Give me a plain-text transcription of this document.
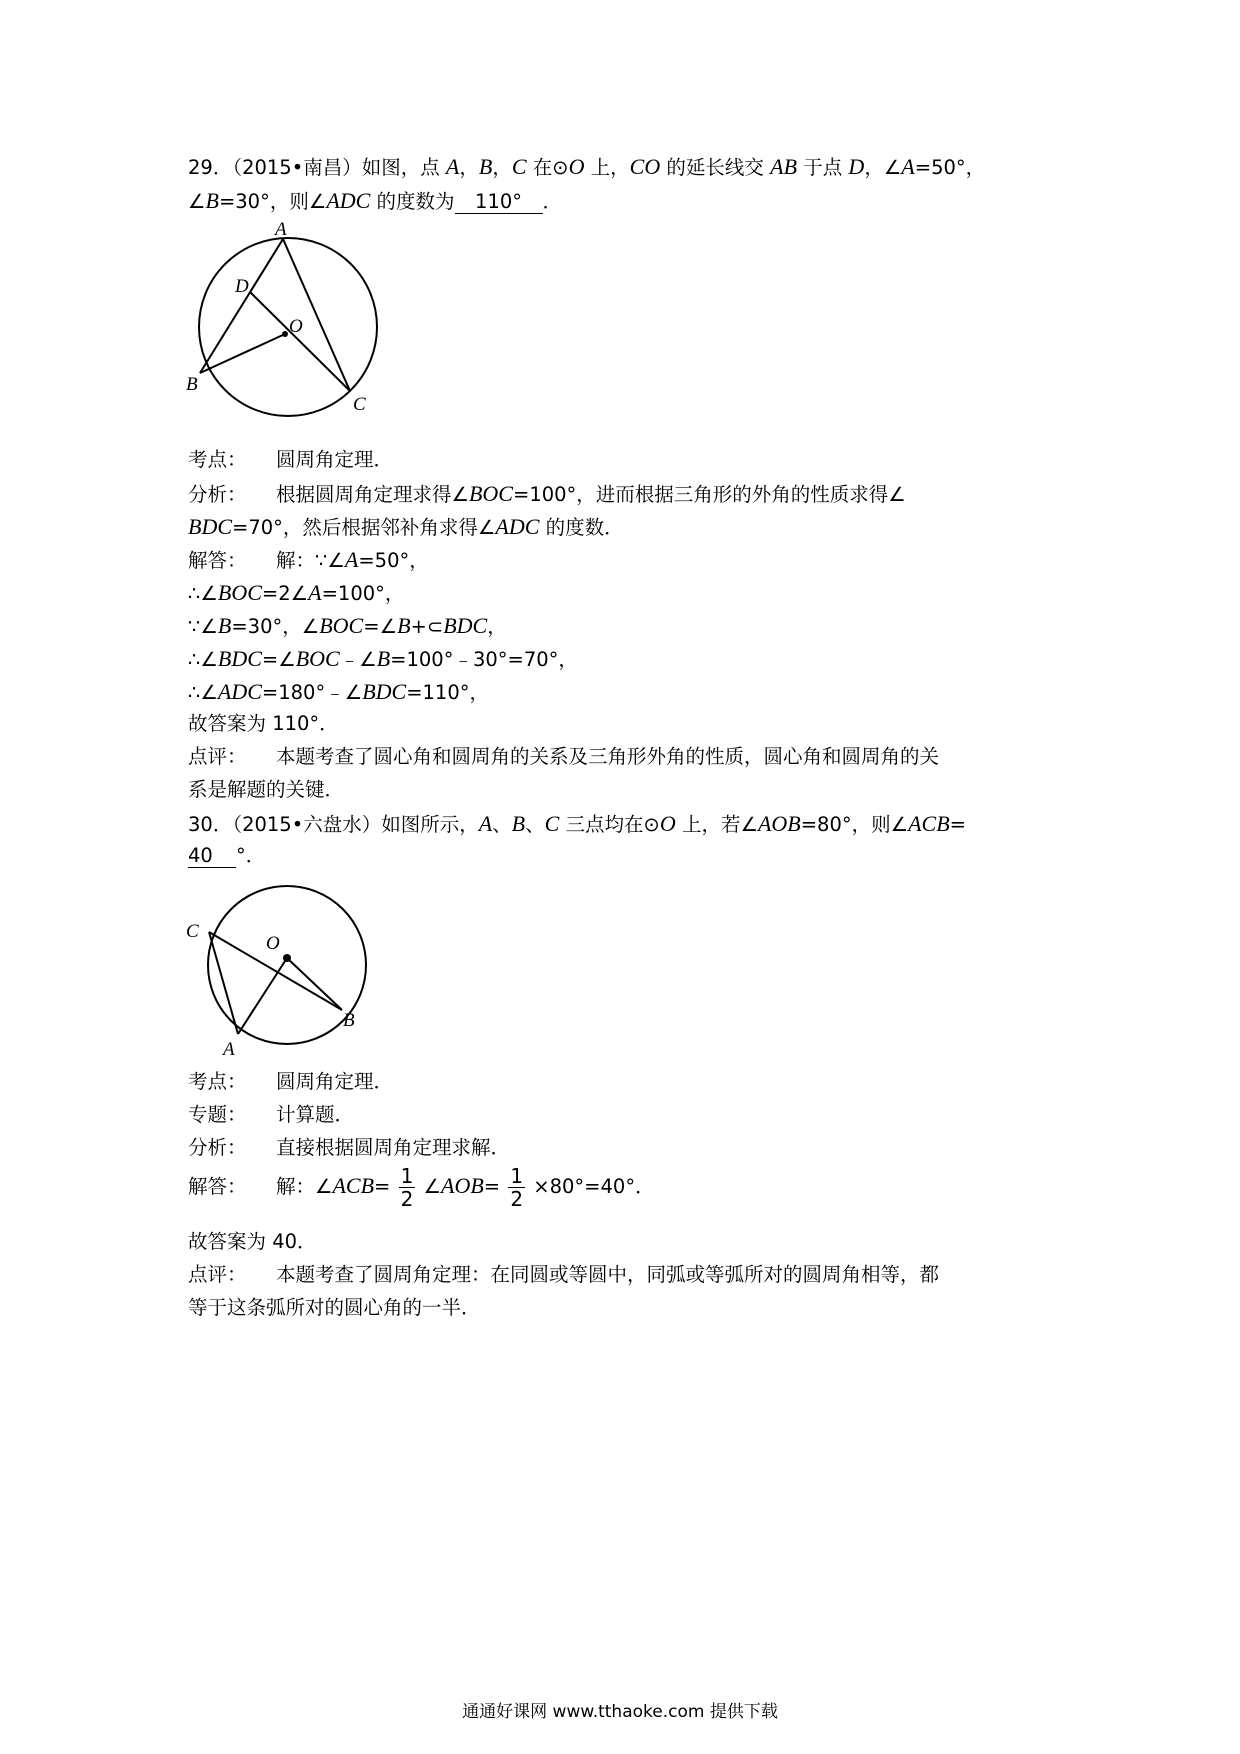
29．（2015•南昌）如图，点 A，B，C 在⊙O 上，CO 的延长线交 AB 于点 D，∠A=50°，
∠B=30°，则∠ADC 的度数为 110° ．
A
D
O
B
C
考点： 圆周角定理．
分析： 根据圆周角定理求得∠BOC=100°，进而根据三角形的外角的性质求得∠
BDC=70°，然后根据邻补角求得∠ADC 的度数．
解答： 解：∵∠A=50°，
∴∠BOC=2∠A=100°，
∵∠B=30°，∠BOC=∠B+⊂BDC，
∴∠BDC=∠BOC﹣∠B=100°﹣30°=70°，
∴∠ADC=180°﹣∠BDC=110°，
故答案为 110°．
点评： 本题考查了圆心角和圆周角的关系及三角形外角的性质，圆心角和圆周角的关
系是解题的关键．
30．（2015•六盘水）如图所示，A、B、C 三点均在⊙O 上，若∠AOB=80°，则∠ACB=
40 °．
C
O
B
A
考点： 圆周角定理．
专题： 计算题．
分析： 直接根据圆周角定理求解．
解答： 解：∠ACB= $\frac{1}{2}$ ∠AOB= $\frac{1}{2} \times 80^\circ=40^\circ$．
故答案为 40．
点评： 本题考查了圆周角定理：在同圆或等圆中，同弧或等弧所对的圆周角相等，都
等于这条弧所对的圆心角的一半．
通通好课网 www.tthaoke.com 提供下载
